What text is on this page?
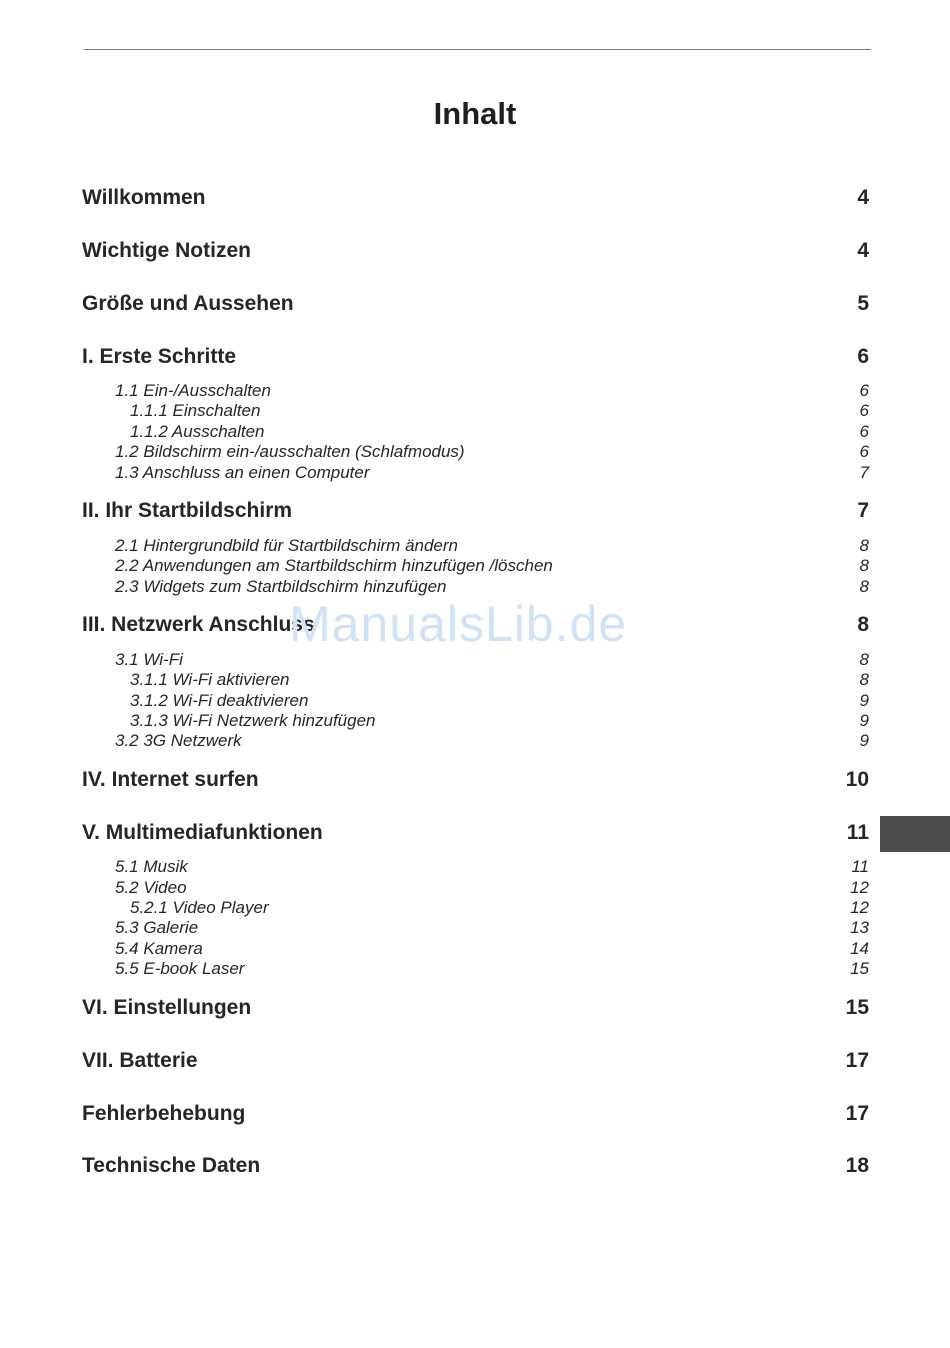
Inhalt
Willkommen	4
Wichtige Notizen	4
Größe und Aussehen	5
I. Erste Schritte	6
1.1 Ein-/Ausschalten	6
1.1.1 Einschalten	6
1.1.2 Ausschalten	6
1.2 Bildschirm ein-/ausschalten (Schlafmodus)	6
1.3 Anschluss an einen Computer	7
II. Ihr Startbildschirm	7
2.1 Hintergrundbild für Startbildschirm ändern	8
2.2 Anwendungen am Startbildschirm hinzufügen /löschen	8
2.3 Widgets zum Startbildschirm hinzufügen	8
III. Netzwerk Anschluss	8
3.1 Wi-Fi	8
3.1.1 Wi-Fi aktivieren	8
3.1.2 Wi-Fi deaktivieren	9
3.1.3 Wi-Fi Netzwerk hinzufügen	9
3.2 3G Netzwerk	9
IV. Internet surfen	10
V. Multimediafunktionen	11
5.1 Musik	11
5.2 Video	12
5.2.1 Video Player	12
5.3 Galerie	13
5.4 Kamera	14
5.5 E-book Laser	15
VI. Einstellungen	15
VII. Batterie	17
Fehlerbehebung	17
Technische Daten	18
ManualsLib.de
